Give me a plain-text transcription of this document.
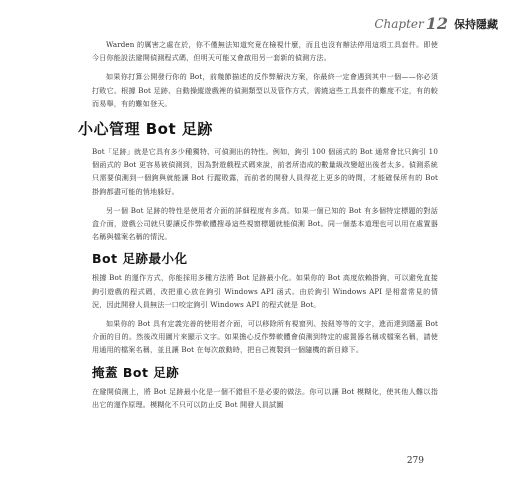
Chapter 12 保持隱藏

Warden 的厲害之處在於，你不僅無法知道究竟在檢視什麼，而且也沒有辦法停用這項工具套件。即使今日你能設法避開偵測程式碼，但明天可能又會啟用另一套新的偵測方法。

如果你打算公開發行你的 Bot，前幾節描述的反作弊解決方案，你最終一定會遇到其中一個——你必須打敗它。根據 Bot 足跡、自動操縱遊戲裡的偵測類型以及管作方式，需繞這些工具套件的難度不定，有的較而易舉，有的難如登天。

小心管理 Bot 足跡

Bot「足跡」就是它具有多少種獨特、可偵測出的特性。例如，鉤引 100 個函式的 Bot 通常會比只鉤引 10 個函式的 Bot 更容易被偵測到，因為對遊戲程式碼來說，前者所造成的數量級改變超出後者太多。偵測系統只需要偵測到一個鉤與就能讓 Bot 行蹤敗露，而前者的開發人員得花上更多的時間，才能確保所有的 Bot 掛鉤都盡可能的悄地躲好。

另一個 Bot 足跡的特性是使用者介面的詳細程度有多高。如果一個已知的 Bot 有多個特定標題的對話盒介面，遊戲公司就只要讓反作弊軟體搜尋這些視窗標題就能偵測 Bot。同一個基本道理也可以用在處置器名稱與檔案名稱的情況。

Bot 足跡最小化

根據 Bot 的運作方式，你能採用多種方法將 Bot 足跡最小化。如果你的 Bot 高度依賴掛鉤，可以避免直接鉤引遊戲的程式碼，改把重心放在鉤引 Windows API 函式。由於鉤引 Windows API 是相當常見的情況，因此開發人員無法一口咬定鉤引 Windows API 的程式就是 Bot。

如果你的 Bot 具有定義完善的使用者介面，可以移除所有視窗列、按鈕等等的文字，進而達到隱蓋 Bot 介面的目的。然後改用圖片來顯示文字。如果擔心反作弊軟體會偵測到特定的處置器名稱或檔案名稱，請使用通用的檔案名稱，並且讓 Bot 在每次啟動時，把自己複製到一個隨機的新目錄下。

掩蓋 Bot 足跡

在避開偵測上，將 Bot 足跡最小化是一個不錯但不是必要的做法。你可以讓 Bot 模糊化，使其他人難以指出它的運作原理。模糊化不只可以防止反 Bot 開發人員試圖

279
